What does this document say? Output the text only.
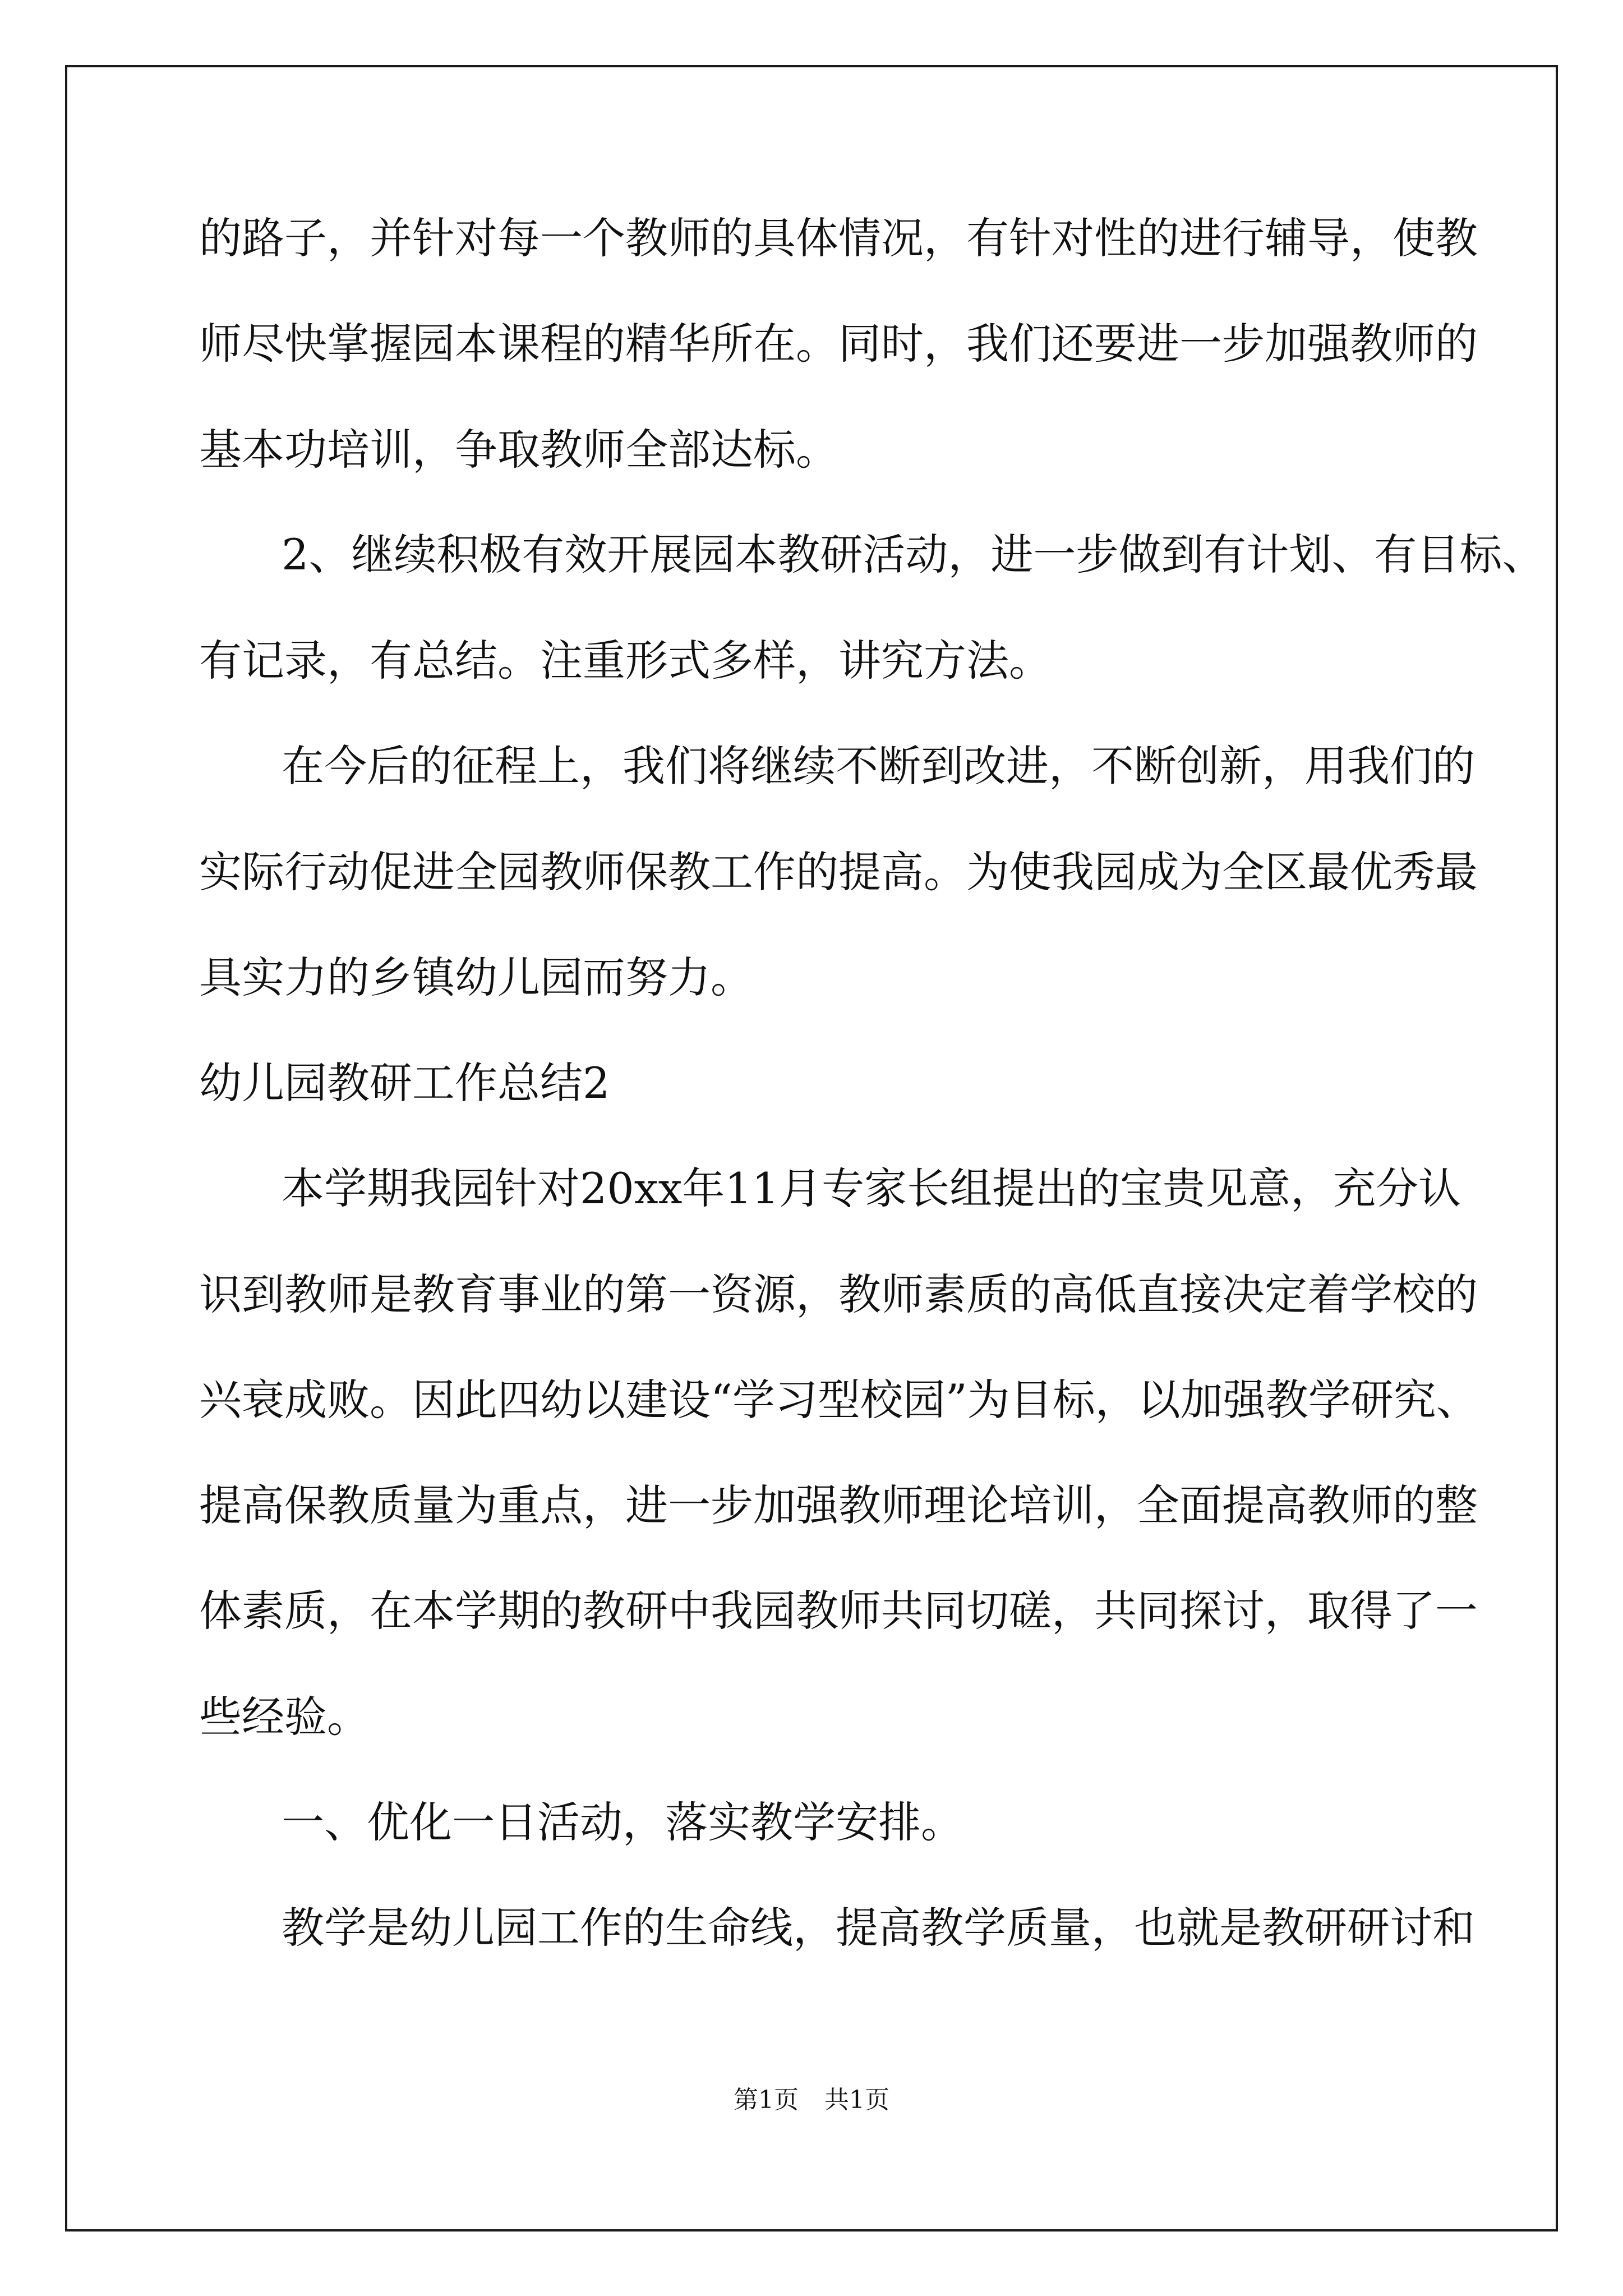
的路子，并针对每一个教师的具体情况，有针对性的进行辅导，使教
师尽快掌握园本课程的精华所在。同时，我们还要进一步加强教师的
基本功培训，争取教师全部达标。
2、继续积极有效开展园本教研活动，进一步做到有计划、有目标、
有记录，有总结。注重形式多样，讲究方法。
在今后的征程上，我们将继续不断到改进，不断创新，用我们的
实际行动促进全园教师保教工作的提高。为使我园成为全区最优秀最
具实力的乡镇幼儿园而努力。
幼儿园教研工作总结2
本学期我园针对20xx年11月专家长组提出的宝贵见意，充分认
识到教师是教育事业的第一资源，教师素质的高低直接决定着学校的
兴衰成败。因此四幼以建设“学习型校园”为目标，以加强教学研究、
提高保教质量为重点，进一步加强教师理论培训，全面提高教师的整
体素质，在本学期的教研中我园教师共同切磋，共同探讨，取得了一
些经验。
一、优化一日活动，落实教学安排。
教学是幼儿园工作的生命线，提高教学质量，也就是教研研讨和
第1页 共1页
